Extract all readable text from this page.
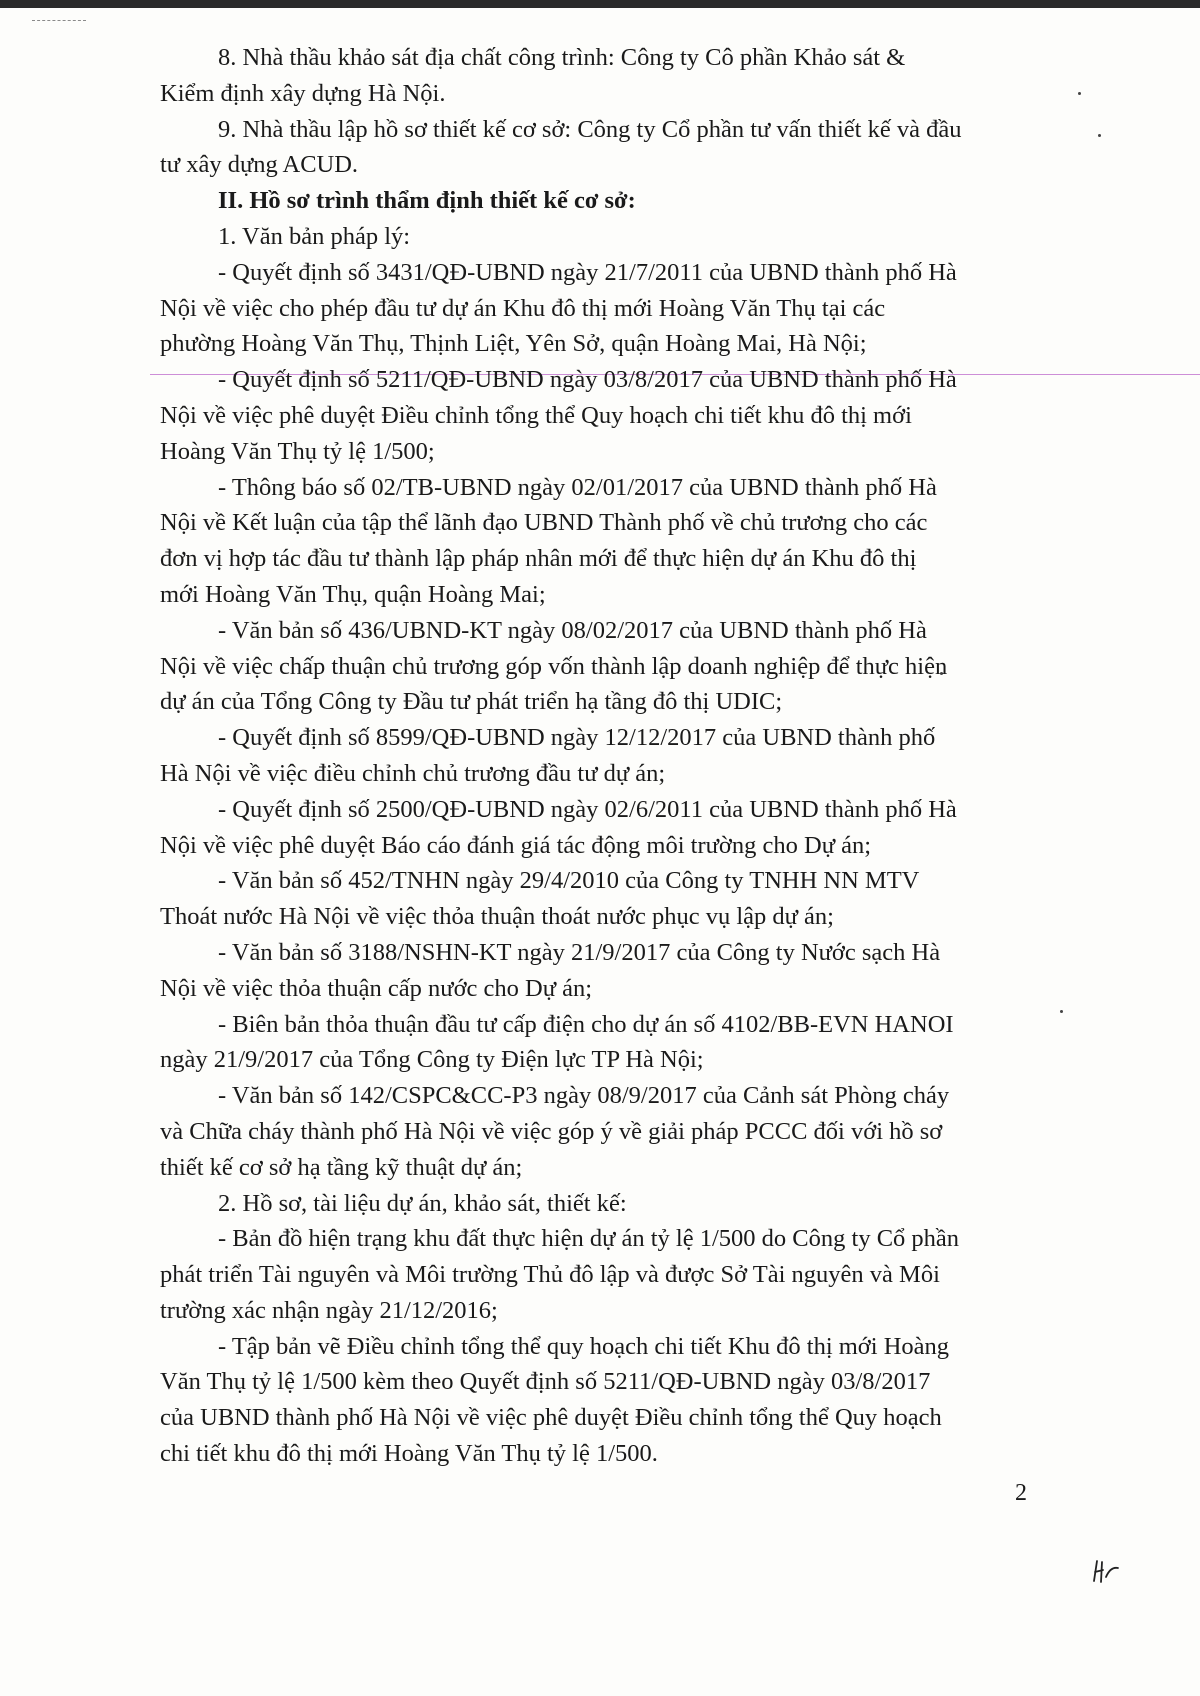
8. Nhà thầu khảo sát địa chất công trình: Công ty Cô phần Khảo sát &
Kiểm định xây dựng Hà Nội.
9. Nhà thầu lập hồ sơ thiết kế cơ sở: Công ty Cổ phần tư vấn thiết kế và đầu
tư xây dựng ACUD.
II. Hồ sơ trình thẩm định thiết kế cơ sở:
1. Văn bản pháp lý:
- Quyết định số 3431/QĐ-UBND ngày 21/7/2011 của UBND thành phố Hà
Nội về việc cho phép đầu tư dự án Khu đô thị mới Hoàng Văn Thụ tại các
phường Hoàng Văn Thụ, Thịnh Liệt, Yên Sở, quận Hoàng Mai, Hà Nội;
- Quyết định số 5211/QĐ-UBND ngày 03/8/2017 của UBND thành phố Hà
Nội về việc phê duyệt Điều chỉnh tổng thể Quy hoạch chi tiết khu đô thị mới
Hoàng Văn Thụ tỷ lệ 1/500;
- Thông báo số 02/TB-UBND ngày 02/01/2017 của UBND thành phố Hà
Nội về Kết luận của tập thể lãnh đạo UBND Thành phố về chủ trương cho các
đơn vị hợp tác đầu tư thành lập pháp nhân mới để thực hiện dự án Khu đô thị
mới Hoàng Văn Thụ, quận Hoàng Mai;
- Văn bản số 436/UBND-KT ngày 08/02/2017 của UBND thành phố Hà
Nội về việc chấp thuận chủ trương góp vốn thành lập doanh nghiệp để thực hiện
dự án của Tổng Công ty Đầu tư phát triển hạ tầng đô thị UDIC;
- Quyết định số 8599/QĐ-UBND ngày 12/12/2017 của UBND thành phố
Hà Nội về việc điều chỉnh chủ trương đầu tư dự án;
- Quyết định số 2500/QĐ-UBND ngày 02/6/2011 của UBND thành phố Hà
Nội về việc phê duyệt Báo cáo đánh giá tác động môi trường cho Dự án;
- Văn bản số 452/TNHN ngày 29/4/2010 của Công ty TNHH NN MTV
Thoát nước Hà Nội về việc thỏa thuận thoát nước phục vụ lập dự án;
- Văn bản số 3188/NSHN-KT ngày 21/9/2017 của Công ty Nước sạch Hà
Nội về việc thỏa thuận cấp nước cho Dự án;
- Biên bản thỏa thuận đầu tư cấp điện cho dự án số 4102/BB-EVN HANOI
ngày 21/9/2017 của Tổng Công ty Điện lực TP Hà Nội;
- Văn bản số 142/CSPC&CC-P3 ngày 08/9/2017 của Cảnh sát Phòng cháy
và Chữa cháy thành phố Hà Nội về việc góp ý về giải pháp PCCC đối với hồ sơ
thiết kế cơ sở hạ tầng kỹ thuật dự án;
2. Hồ sơ, tài liệu dự án, khảo sát, thiết kế:
- Bản đồ hiện trạng khu đất thực hiện dự án tỷ lệ 1/500 do Công ty Cổ phần
phát triển Tài nguyên và Môi trường Thủ đô lập và được Sở Tài nguyên và Môi
trường xác nhận ngày 21/12/2016;
- Tập bản vẽ Điều chỉnh tổng thể quy hoạch chi tiết Khu đô thị mới Hoàng
Văn Thụ tỷ lệ 1/500 kèm theo Quyết định số 5211/QĐ-UBND ngày 03/8/2017
của UBND thành phố Hà Nội về việc phê duyệt Điều chỉnh tổng thể Quy hoạch
chi tiết khu đô thị mới Hoàng Văn Thụ tỷ lệ 1/500.
2
